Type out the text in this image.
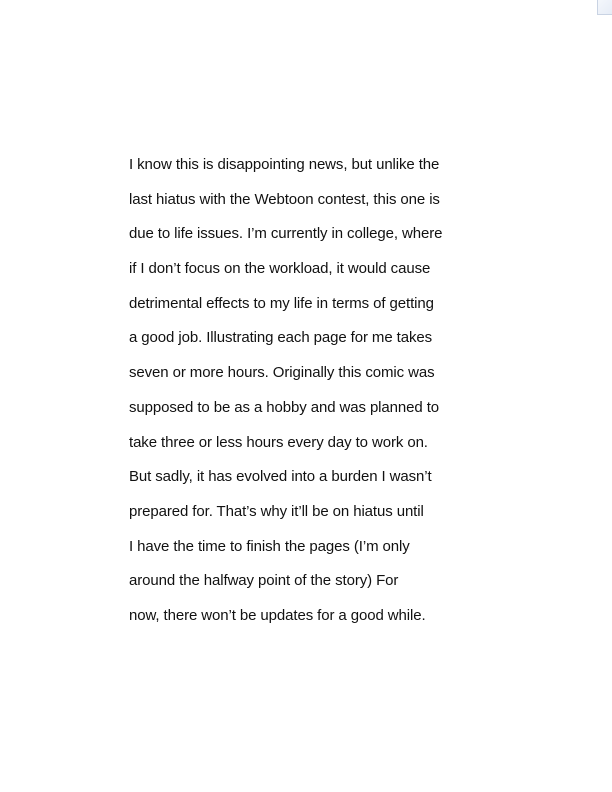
I know this is disappointing news, but unlike the
last hiatus with the Webtoon contest, this one is
due to life issues. I’m currently in college, where
if I don’t focus on the workload, it would cause
detrimental effects to my life in terms of getting
a good job. Illustrating each page for me takes
seven or more hours. Originally this comic was
supposed to be as a hobby and was planned to
take three or less hours every day to work on.
But sadly, it has evolved into a burden I wasn’t
prepared for. That’s why it’ll be on hiatus until
I have the time to finish the pages (I’m only
around the halfway point of the story) For
now, there won’t be updates for a good while.
